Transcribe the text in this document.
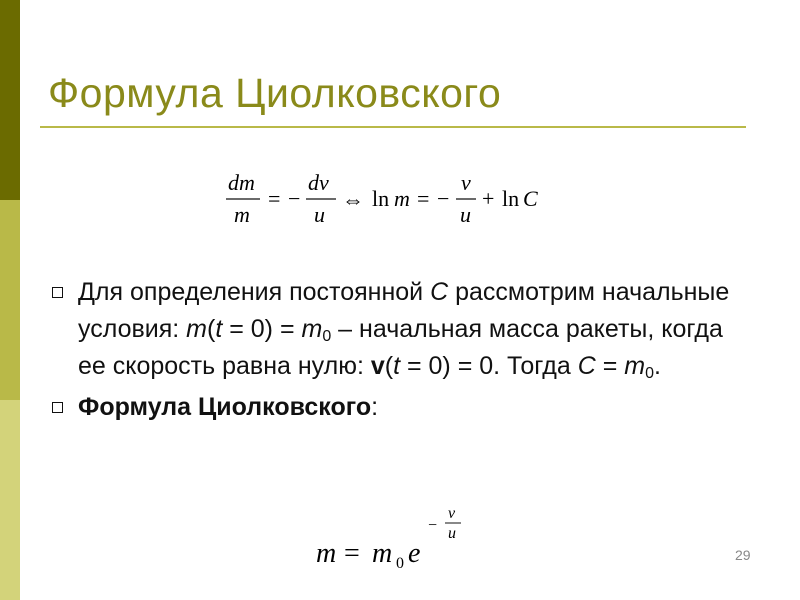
Формула Циолковского
dm
m
= −
dv
u
⇔ ln m = −
v
u
+ ln C
Для определения постоянной C рассмотрим начальные условия: $m(t = 0) = m_0$ – начальная масса ракеты, когда ее скорость равна нулю: v(t = 0) = 0. Тогда $C = m_0$.
Формула Циолковского:
m = m 0 e
−
v
u
29
